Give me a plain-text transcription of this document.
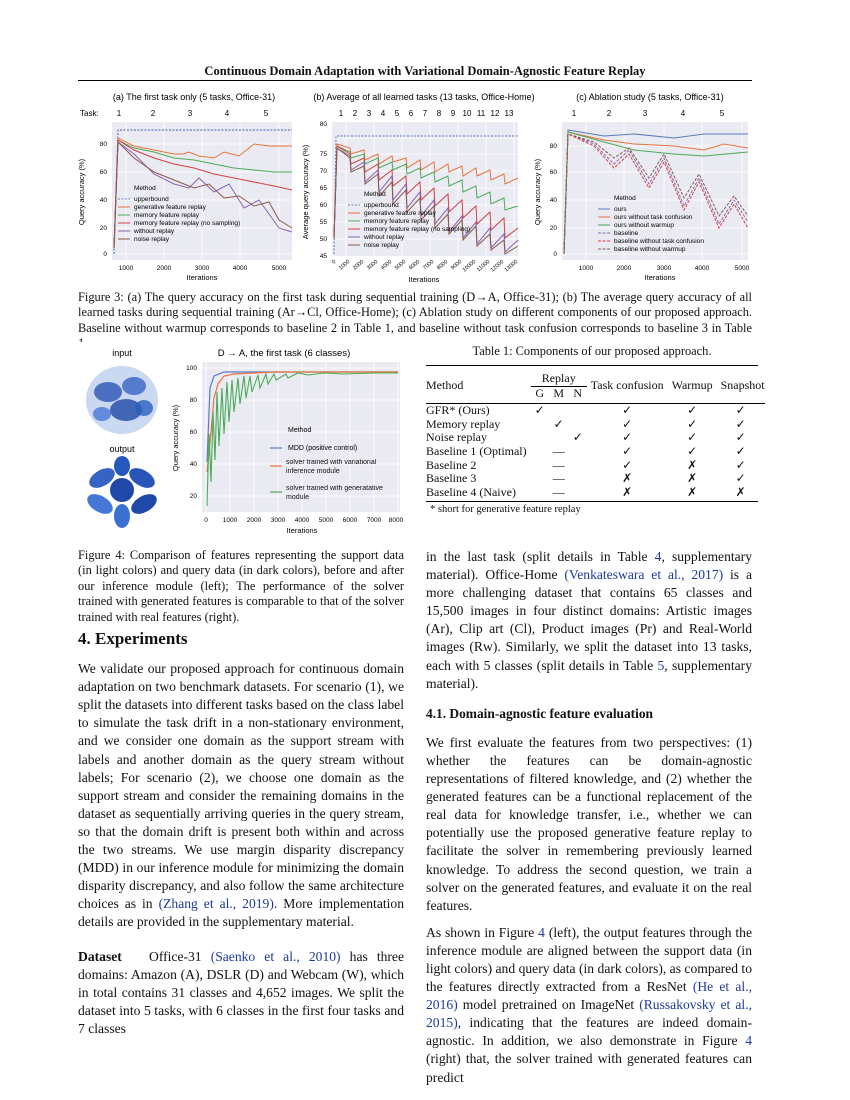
Continuous Domain Adaptation with Variational Domain-Agnostic Feature Replay
Task:
(a) The first task only (5 tasks, Office-31)
1	2	3	4	5
Method
upperbound
generative feature replay
memory feature replay
memory feature replay (no sampling)
without replay
noise replay
0
20
40
60
80
1000	2000	3000	4000	5000
Iterations
Query accuracy (%)
(b) Average of all learned tasks (13 tasks, Office-Home)
1 2 3 4 5 6 7 8 9 10 11 12 13
Method
upperbound
generative feature replay
memory feature replay
memory feature replay (no sampling)
without replay
noise replay
45
50
55
60
65
70
75
80
0 1000 2000 3000 4000 5000 6000 7000 8000 9000
10000
11000
12000
13000
Iterations
Average query accuracy (%)
(c) Ablation study (5 tasks, Office-31)
1	2	3	4	5
Method
ours
ours without task confusion
ours without warmup
baseline
baseline without task confusion
baseline without warmup
0
20
40
60
80
1000	2000	3000	4000	5000
Iterations
Query accuracy (%)
Figure 3: (a) The query accuracy on the first task during sequential training (D→A, Office-31); (b) The average query accuracy of all learned tasks during sequential training (Ar→Cl, Office-Home); (c) Ablation study on different components of our proposed approach. Baseline without warmup corresponds to baseline 2 in Table 1, and baseline without task confusion corresponds to baseline 3 in Table 1.
input
output
D → A, the first task (6 classes)
Method
MDD (positive control)
solver trained with variational inference module
solver trained with generatative module
20
40
60
80
100
0 1000 2000 3000 4000 5000 6000 7000 8000
Iterations
Query accuracy (%)
Figure 4: Comparison of features representing the support data (in light colors) and query data (in dark colors), before and after our inference module (left); The performance of the solver trained with generated features is comparable to that of the solver trained with real features (right).
Table 1: Components of our proposed approach.
Method	Replay			Task confusion	Warmup	Snapshot
	G	M	N			

GFR* (Ours)	✓			✓	✓	✓
Memory replay		✓		✓	✓	✓
Noise replay			✓	✓	✓	✓
Baseline 1 (Optimal)		—		✓	✓	✓
Baseline 2		—		✓	✗	✓
Baseline 3		—		✗	✗	✓
Baseline 4 (Naive)		—		✗	✗	✗
* short for generative feature replay
4. Experiments

We validate our proposed approach for continuous domain adaptation on two benchmark datasets. For scenario (1), we split the datasets into different tasks based on the class label to simulate the task drift in a non-stationary environment, and we consider one domain as the support stream with labels and another domain as the query stream without labels; For scenario (2), we choose one domain as the support stream and consider the remaining domains in the dataset as sequentially arriving queries in the query stream, so that the domain drift is present both within and across the two streams. We use margin disparity discrepancy (MDD) in our inference module for minimizing the domain disparity discrepancy, and also follow the same architecture choices as in (Zhang et al., 2019). More implementation details are provided in the supplementary material.

Dataset Office-31 (Saenko et al., 2010) has three domains: Amazon (A), DSLR (D) and Webcam (W), which in total contains 31 classes and 4,652 images. We split the dataset into 5 tasks, with 6 classes in the first four tasks and 7 classes

in the last task (split details in Table 4, supplementary material). Office-Home (Venkateswara et al., 2017) is a more challenging dataset that contains 65 classes and 15,500 images in four distinct domains: Artistic images (Ar), Clip art (Cl), Product images (Pr) and Real-World images (Rw). Similarly, we split the dataset into 13 tasks, each with 5 classes (split details in Table 5, supplementary material).

4.1. Domain-agnostic feature evaluation

We first evaluate the features from two perspectives: (1) whether the features can be domain-agnostic representations of filtered knowledge, and (2) whether the generated features can be a functional replacement of the real data for knowledge transfer, i.e., whether we can potentially use the proposed generative feature replay to facilitate the solver in remembering previously learned knowledge. To address the second question, we train a solver on the generated features, and evaluate it on the real features.

As shown in Figure 4 (left), the output features through the inference module are aligned between the support data (in light colors) and query data (in dark colors), as compared to the features directly extracted from a ResNet (He et al., 2016) model pretrained on ImageNet (Russakovsky et al., 2015), indicating that the features are indeed domain-agnostic. In addition, we also demonstrate in Figure 4 (right) that, the solver trained with generated features can predict
